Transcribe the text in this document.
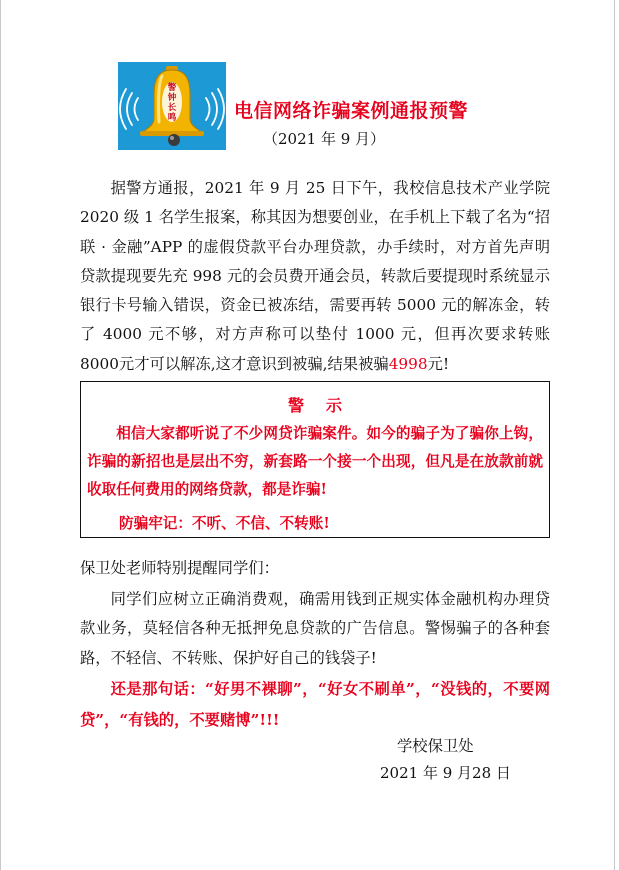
警
钟
长
鸣	电信网络诈骗案例通报预警
（2021 年 9 月）
据警方通报，2021 年 9 月 25 日下午，我校信息技术产业学院 2020 级 1 名学生报案，称其因为想要创业，在手机上下载了名为“招联 · 金融”APP 的虚假贷款平台办理贷款，办手续时，对方首先声明贷款提现要先充 998 元的会员费开通会员，转款后要提现时系统显示银行卡号输入错误，资金已被冻结，需要再转 5000 元的解冻金，转了 4000 元不够，对方声称可以垫付 1000 元，但再次要求转账 8000元才可以解冻,这才意识到被骗,结果被骗4998元!
警示
相信大家都听说了不少网贷诈骗案件。如今的骗子为了骗你上钩，诈骗的新招也是层出不穷，新套路一个接一个出现，但凡是在放款前就收取任何费用的网络贷款，都是诈骗!
防骗牢记：不听、不信、不转账!
保卫处老师特别提醒同学们：
同学们应树立正确消费观，确需用钱到正规实体金融机构办理贷款业务，莫轻信各种无抵押免息贷款的广告信息。警惕骗子的各种套路，不轻信、不转账、保护好自己的钱袋子!
还是那句话：“好男不裸聊”，“好女不刷单”，“没钱的，不要网贷”，“有钱的，不要赌博”!!!
学校保卫处
2021 年 9 月28 日
